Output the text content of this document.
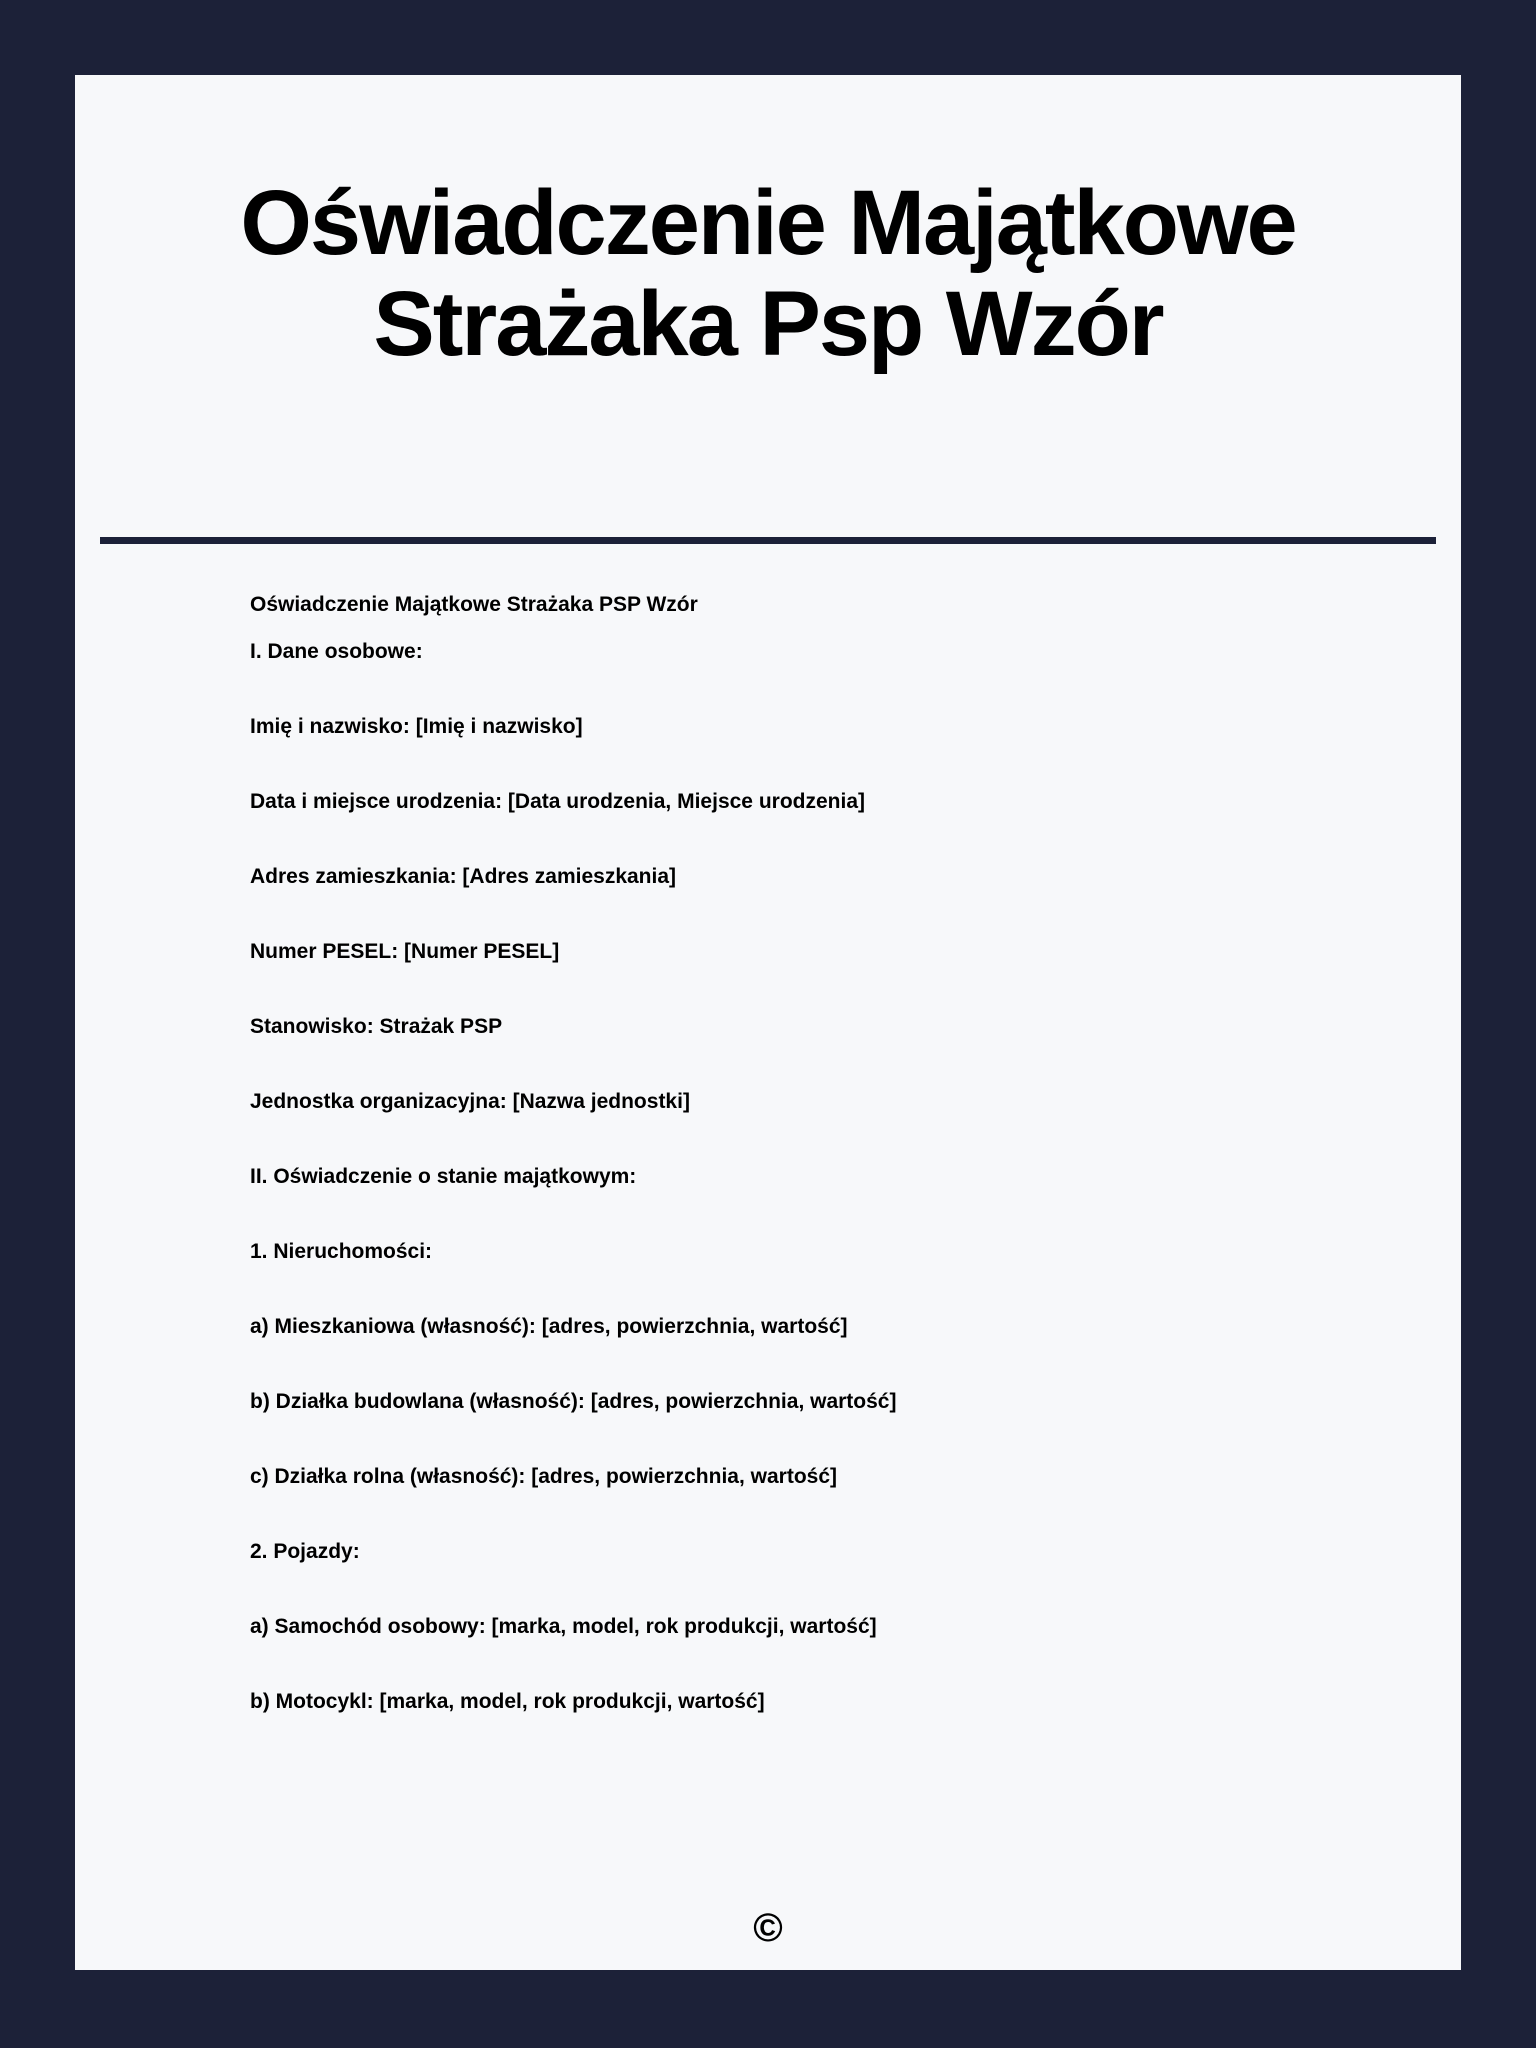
Oświadczenie Majątkowe
Strażaka Psp Wzór

Oświadczenie Majątkowe Strażaka PSP Wzór

I. Dane osobowe:

Imię i nazwisko: [Imię i nazwisko]

Data i miejsce urodzenia: [Data urodzenia, Miejsce urodzenia]

Adres zamieszkania: [Adres zamieszkania]

Numer PESEL: [Numer PESEL]

Stanowisko: Strażak PSP

Jednostka organizacyjna: [Nazwa jednostki]

II. Oświadczenie o stanie majątkowym:

1. Nieruchomości:

a) Mieszkaniowa (własność): [adres, powierzchnia, wartość]

b) Działka budowlana (własność): [adres, powierzchnia, wartość]

c) Działka rolna (własność): [adres, powierzchnia, wartość]

2. Pojazdy:

a) Samochód osobowy: [marka, model, rok produkcji, wartość]

b) Motocykl: [marka, model, rok produkcji, wartość]

©
